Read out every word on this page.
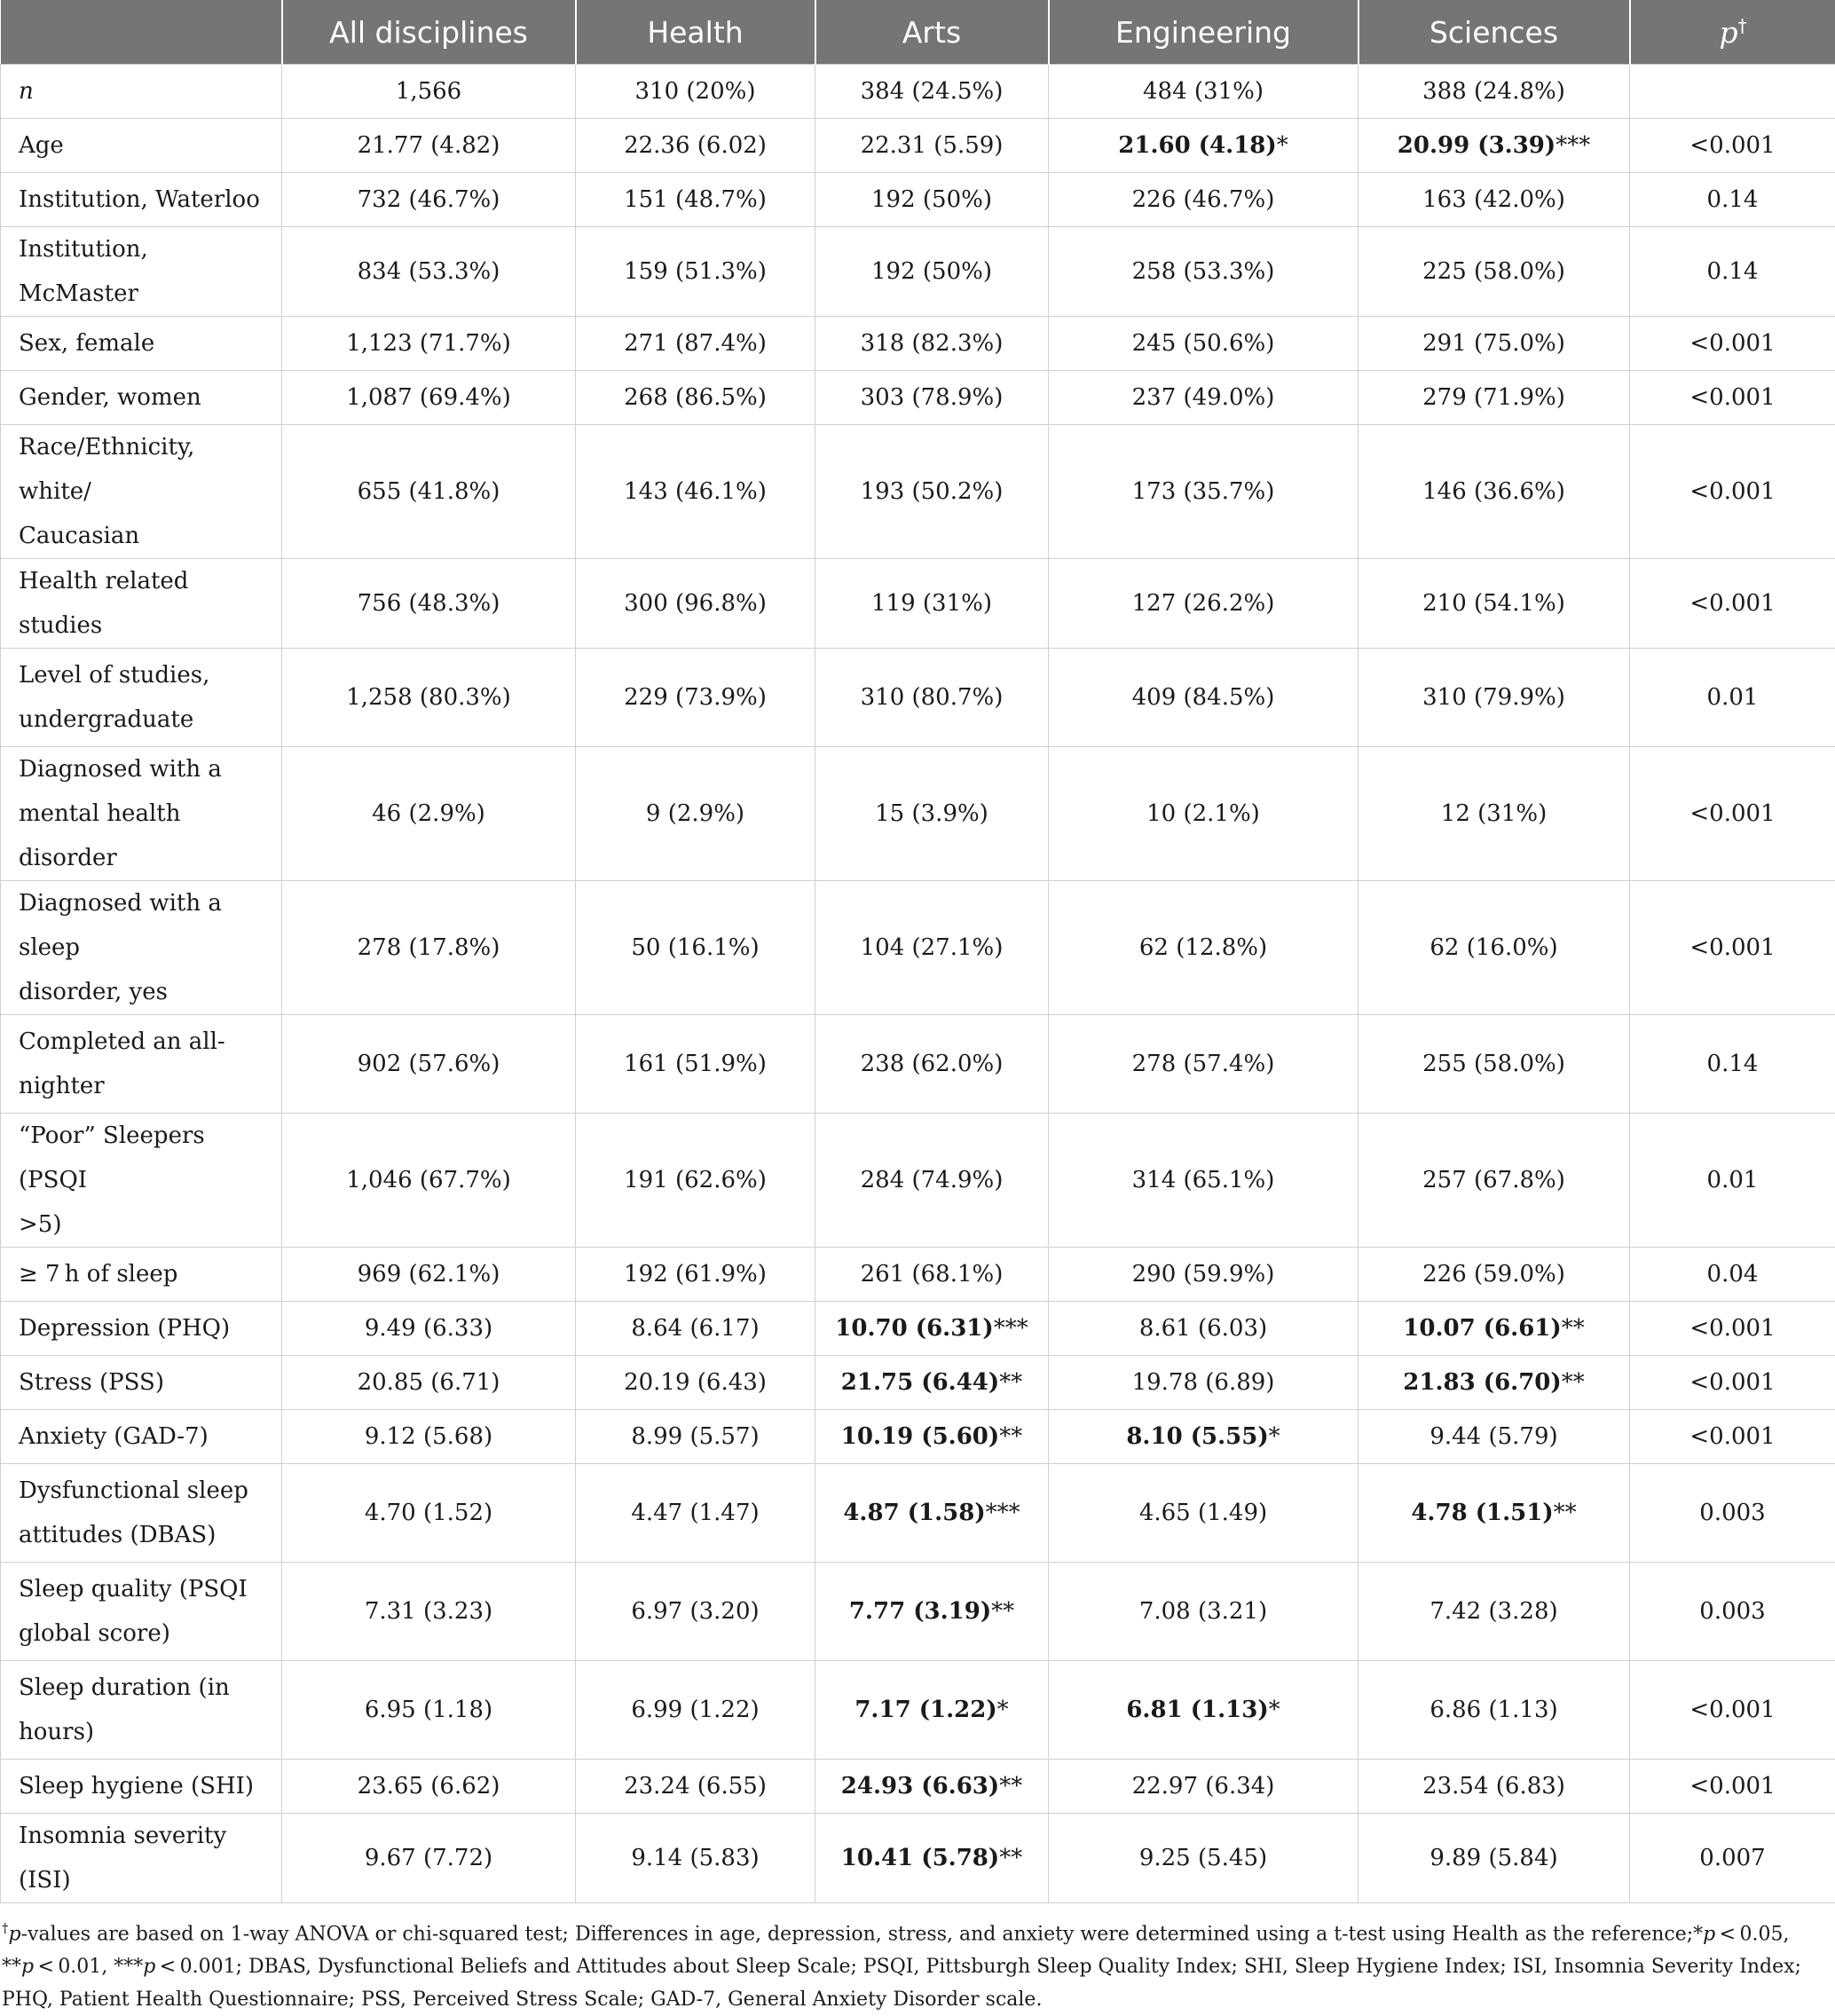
	All disciplines	Health	Arts	Engineering	Sciences	p†
n	1,566	310 (20%)	384 (24.5%)	484 (31%)	388 (24.8%)	
Age	21.77 (4.82)	22.36 (6.02)	22.31 (5.59)	21.60 (4.18)*	20.99 (3.39)***	<0.001
Institution, Waterloo	732 (46.7%)	151 (48.7%)	192 (50%)	226 (46.7%)	163 (42.0%)	0.14
Institution, McMaster	834 (53.3%)	159 (51.3%)	192 (50%)	258 (53.3%)	225 (58.0%)	0.14
Sex, female	1,123 (71.7%)	271 (87.4%)	318 (82.3%)	245 (50.6%)	291 (75.0%)	<0.001
Gender, women	1,087 (69.4%)	268 (86.5%)	303 (78.9%)	237 (49.0%)	279 (71.9%)	<0.001
Race/Ethnicity, white/
Caucasian	655 (41.8%)	143 (46.1%)	193 (50.2%)	173 (35.7%)	146 (36.6%)	<0.001
Health related studies	756 (48.3%)	300 (96.8%)	119 (31%)	127 (26.2%)	210 (54.1%)	<0.001
Level of studies,
undergraduate	1,258 (80.3%)	229 (73.9%)	310 (80.7%)	409 (84.5%)	310 (79.9%)	0.01
Diagnosed with a
mental health disorder	46 (2.9%)	9 (2.9%)	15 (3.9%)	10 (2.1%)	12 (31%)	<0.001
Diagnosed with a sleep
disorder, yes	278 (17.8%)	50 (16.1%)	104 (27.1%)	62 (12.8%)	62 (16.0%)	<0.001
Completed an all-
nighter	902 (57.6%)	161 (51.9%)	238 (62.0%)	278 (57.4%)	255 (58.0%)	0.14
“Poor” Sleepers (PSQI
>5)	1,046 (67.7%)	191 (62.6%)	284 (74.9%)	314 (65.1%)	257 (67.8%)	0.01
≥ 7 h of sleep	969 (62.1%)	192 (61.9%)	261 (68.1%)	290 (59.9%)	226 (59.0%)	0.04
Depression (PHQ)	9.49 (6.33)	8.64 (6.17)	10.70 (6.31)***	8.61 (6.03)	10.07 (6.61)**	<0.001
Stress (PSS)	20.85 (6.71)	20.19 (6.43)	21.75 (6.44)**	19.78 (6.89)	21.83 (6.70)**	<0.001
Anxiety (GAD-7)	9.12 (5.68)	8.99 (5.57)	10.19 (5.60)**	8.10 (5.55)*	9.44 (5.79)	<0.001
Dysfunctional sleep
attitudes (DBAS)	4.70 (1.52)	4.47 (1.47)	4.87 (1.58)***	4.65 (1.49)	4.78 (1.51)**	0.003
Sleep quality (PSQI
global score)	7.31 (3.23)	6.97 (3.20)	7.77 (3.19)**	7.08 (3.21)	7.42 (3.28)	0.003
Sleep duration (in
hours)	6.95 (1.18)	6.99 (1.22)	7.17 (1.22)*	6.81 (1.13)*	6.86 (1.13)	<0.001
Sleep hygiene (SHI)	23.65 (6.62)	23.24 (6.55)	24.93 (6.63)**	22.97 (6.34)	23.54 (6.83)	<0.001
Insomnia severity (ISI)	9.67 (7.72)	9.14 (5.83)	10.41 (5.78)**	9.25 (5.45)	9.89 (5.84)	0.007
†p-values are based on 1-way ANOVA or chi-squared test; Differences in age, depression, stress, and anxiety were determined using a t-test using Health as the reference;*p < 0.05, **p < 0.01, ***p < 0.001; DBAS, Dysfunctional Beliefs and Attitudes about Sleep Scale; PSQI, Pittsburgh Sleep Quality Index; SHI, Sleep Hygiene Index; ISI, Insomnia Severity Index; PHQ, Patient Health Questionnaire; PSS, Perceived Stress Scale; GAD-7, General Anxiety Disorder scale.
